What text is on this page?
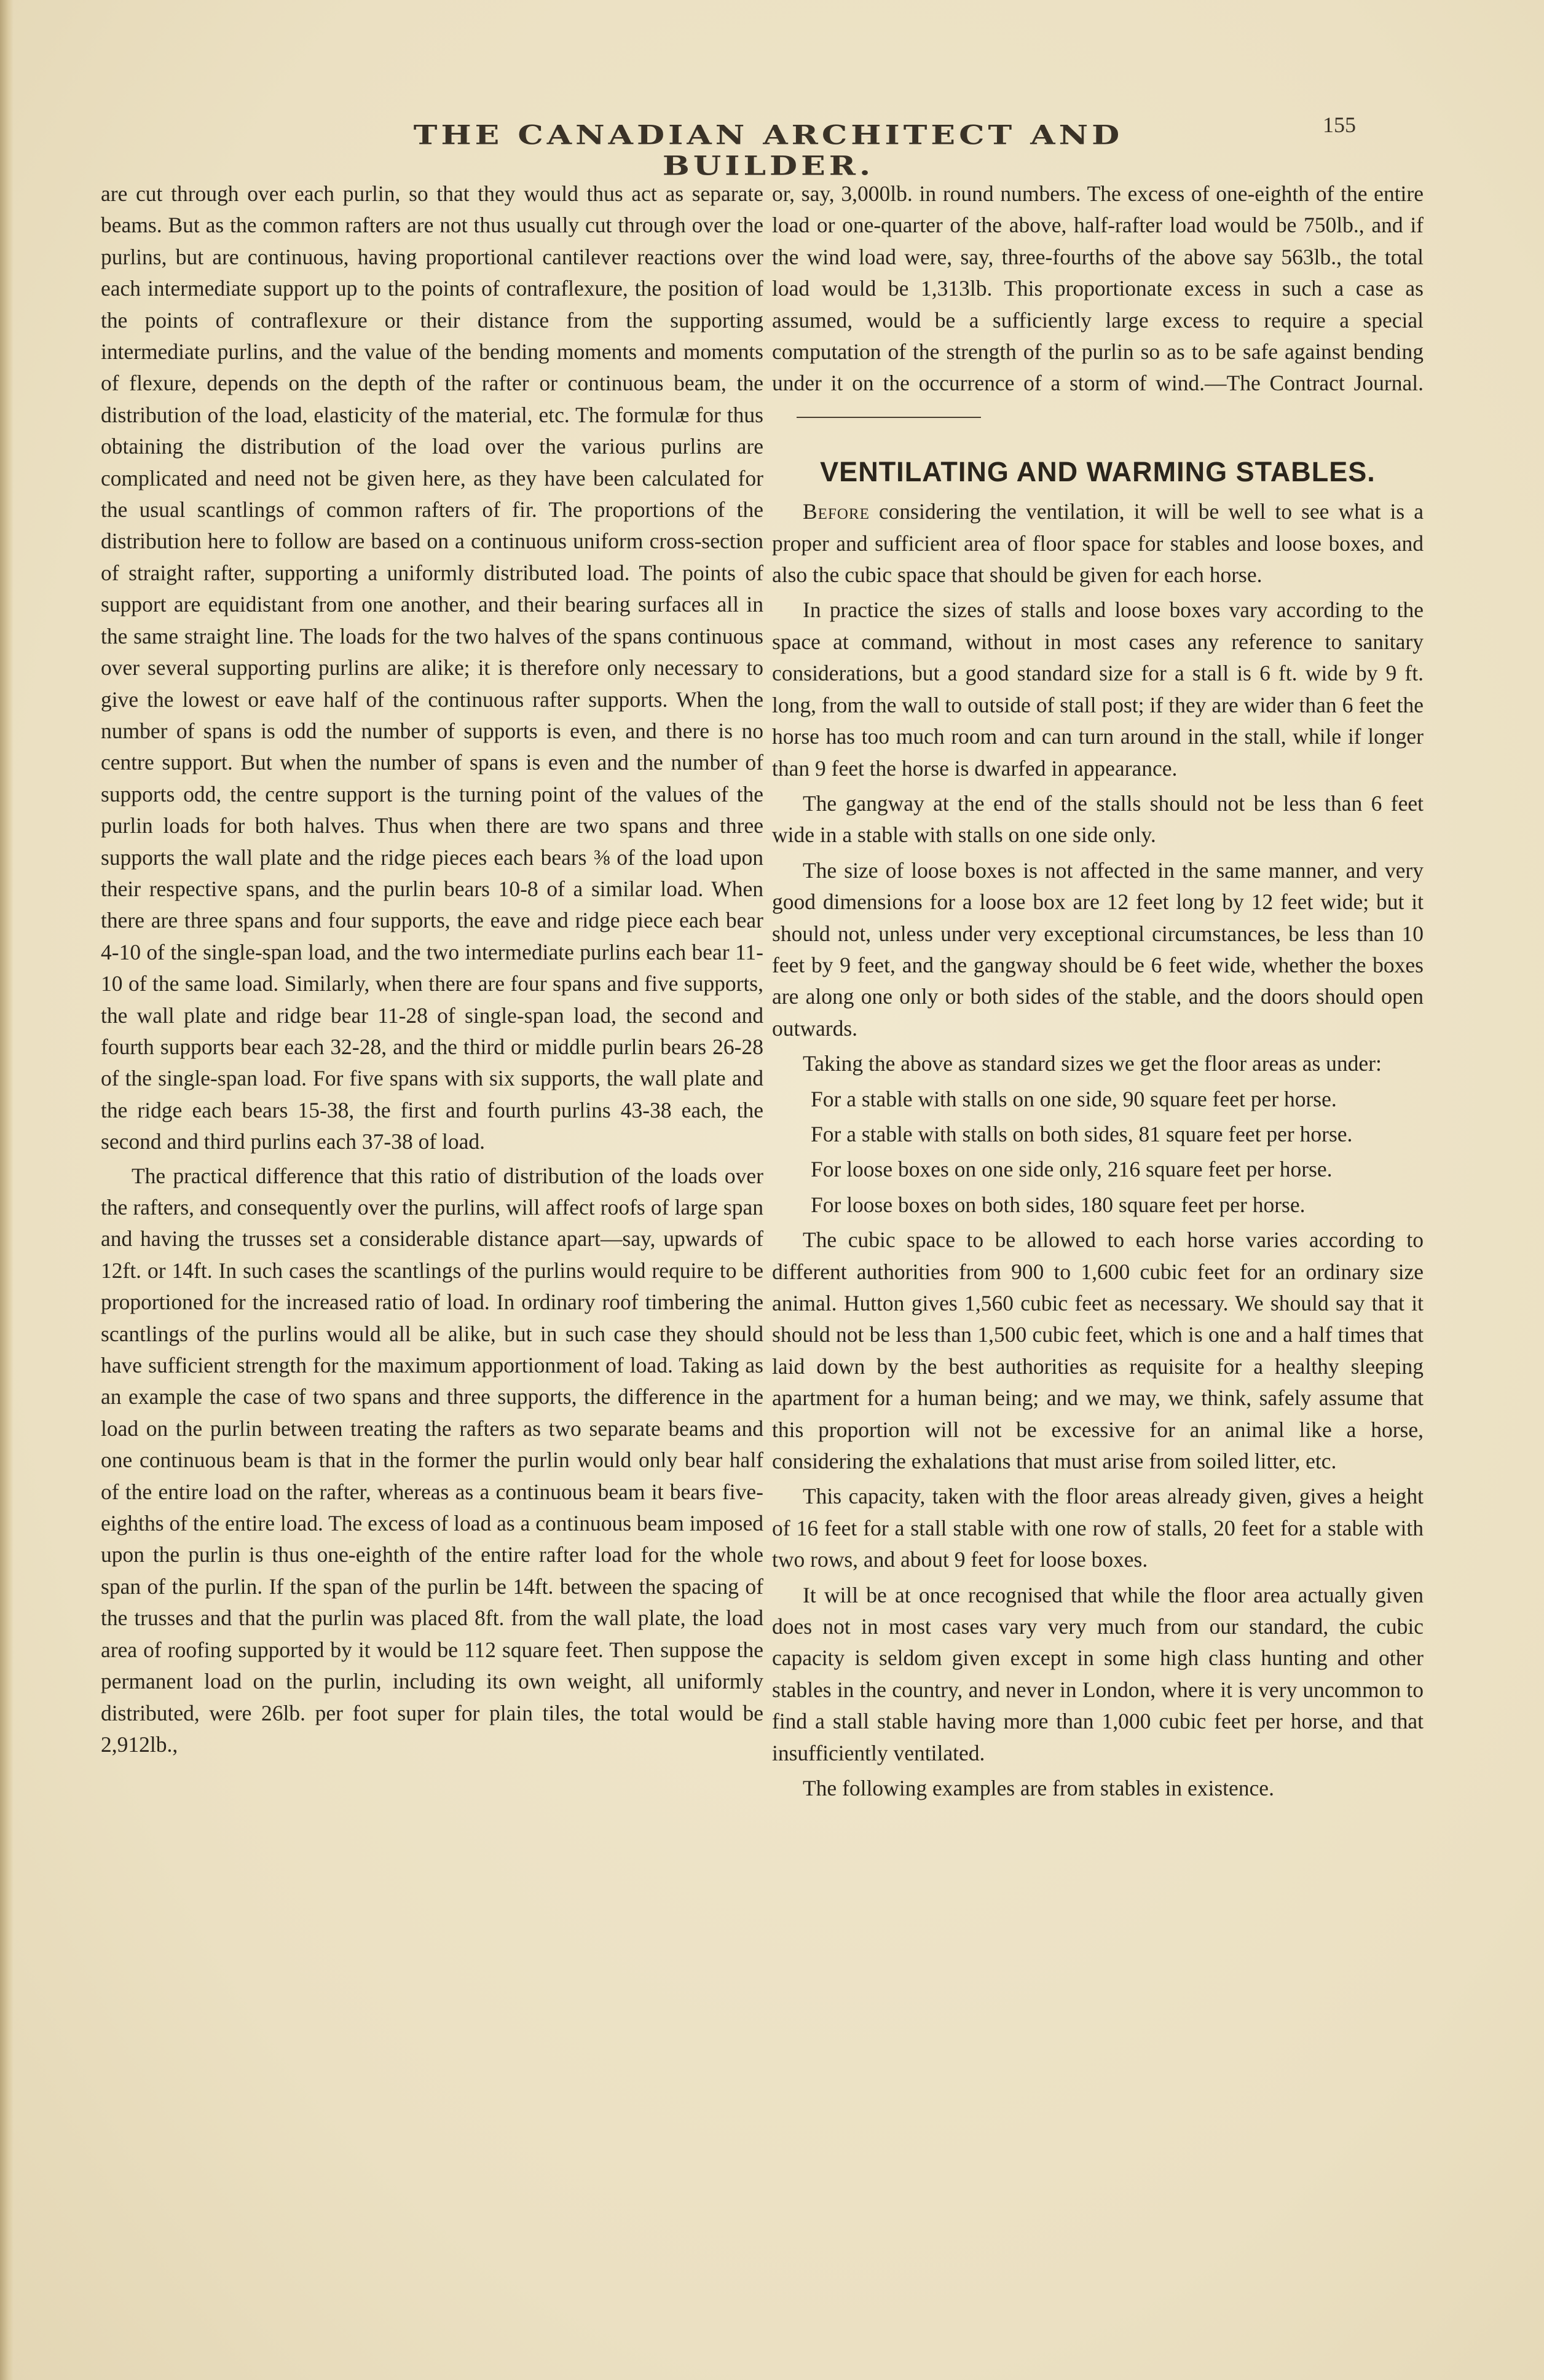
THE CANADIAN ARCHITECT AND BUILDER.
155

are cut through over each purlin, so that they would thus act as separate beams. But as the common rafters are not thus usually cut through over the purlins, but are continuous, having proportional cantilever reactions over each intermediate support up to the points of contraflexure, the position of the points of contraflexure or their distance from the supporting intermediate purlins, and the value of the bending moments and moments of flexure, depends on the depth of the rafter or continuous beam, the distribution of the load, elasticity of the material, etc. The formulæ for thus obtaining the distribution of the load over the various purlins are complicated and need not be given here, as they have been calculated for the usual scantlings of common rafters of fir. The proportions of the distribution here to follow are based on a continuous uniform cross-section of straight rafter, supporting a uniformly distributed load. The points of support are equidistant from one another, and their bearing surfaces all in the same straight line. The loads for the two halves of the spans continuous over several supporting purlins are alike; it is therefore only necessary to give the lowest or eave half of the continuous rafter supports. When the number of spans is odd the number of supports is even, and there is no centre support. But when the number of spans is even and the number of supports odd, the centre support is the turning point of the values of the purlin loads for both halves. Thus when there are two spans and three supports the wall plate and the ridge pieces each bears ⅜ of the load upon their respective spans, and the purlin bears 10-8 of a similar load. When there are three spans and four supports, the eave and ridge piece each bear 4-10 of the single-span load, and the two intermediate purlins each bear 11-10 of the same load. Similarly, when there are four spans and five supports, the wall plate and ridge bear 11-28 of single-span load, the second and fourth supports bear each 32-28, and the third or middle purlin bears 26-28 of the single-span load. For five spans with six supports, the wall plate and the ridge each bears 15-38, the first and fourth purlins 43-38 each, the second and third purlins each 37-38 of load.

The practical difference that this ratio of distribution of the loads over the rafters, and consequently over the purlins, will affect roofs of large span and having the trusses set a considerable distance apart—say, upwards of 12ft. or 14ft. In such cases the scantlings of the purlins would require to be proportioned for the increased ratio of load. In ordinary roof timbering the scantlings of the purlins would all be alike, but in such case they should have sufficient strength for the maximum apportionment of load. Taking as an example the case of two spans and three supports, the difference in the load on the purlin between treating the rafters as two separate beams and one continuous beam is that in the former the purlin would only bear half of the entire load on the rafter, whereas as a continuous beam it bears five-eighths of the entire load. The excess of load as a continuous beam imposed upon the purlin is thus one-eighth of the entire rafter load for the whole span of the purlin. If the span of the purlin be 14ft. between the spacing of the trusses and that the purlin was placed 8ft. from the wall plate, the load area of roofing supported by it would be 112 square feet. Then suppose the permanent load on the purlin, including its own weight, all uniformly distributed, were 26lb. per foot super for plain tiles, the total would be 2,912lb.,

or, say, 3,000lb. in round numbers. The excess of one-eighth of the entire load or one-quarter of the above, half-rafter load would be 750lb., and if the wind load were, say, three-fourths of the above say 563lb., the total load would be 1,313lb. This proportionate excess in such a case as assumed, would be a sufficiently large excess to require a special computation of the strength of the purlin so as to be safe against bending under it on the occurrence of a storm of wind.—The Contract Journal.

VENTILATING AND WARMING STABLES.

Before considering the ventilation, it will be well to see what is a proper and sufficient area of floor space for stables and loose boxes, and also the cubic space that should be given for each horse.

In practice the sizes of stalls and loose boxes vary according to the space at command, without in most cases any reference to sanitary considerations, but a good standard size for a stall is 6 ft. wide by 9 ft. long, from the wall to outside of stall post; if they are wider than 6 feet the horse has too much room and can turn around in the stall, while if longer than 9 feet the horse is dwarfed in appearance.

The gangway at the end of the stalls should not be less than 6 feet wide in a stable with stalls on one side only.

The size of loose boxes is not affected in the same manner, and very good dimensions for a loose box are 12 feet long by 12 feet wide; but it should not, unless under very exceptional circumstances, be less than 10 feet by 9 feet, and the gangway should be 6 feet wide, whether the boxes are along one only or both sides of the stable, and the doors should open outwards.

Taking the above as standard sizes we get the floor areas as under:

For a stable with stalls on one side, 90 square feet per horse.

For a stable with stalls on both sides, 81 square feet per horse.

For loose boxes on one side only, 216 square feet per horse.

For loose boxes on both sides, 180 square feet per horse.

The cubic space to be allowed to each horse varies according to different authorities from 900 to 1,600 cubic feet for an ordinary size animal. Hutton gives 1,560 cubic feet as necessary. We should say that it should not be less than 1,500 cubic feet, which is one and a half times that laid down by the best authorities as requisite for a healthy sleeping apartment for a human being; and we may, we think, safely assume that this proportion will not be excessive for an animal like a horse, considering the exhalations that must arise from soiled litter, etc.

This capacity, taken with the floor areas already given, gives a height of 16 feet for a stall stable with one row of stalls, 20 feet for a stable with two rows, and about 9 feet for loose boxes.

It will be at once recognised that while the floor area actually given does not in most cases vary very much from our standard, the cubic capacity is seldom given except in some high class hunting and other stables in the country, and never in London, where it is very uncommon to find a stall stable having more than 1,000 cubic feet per horse, and that insufficiently ventilated.

The following examples are from stables in existence.
